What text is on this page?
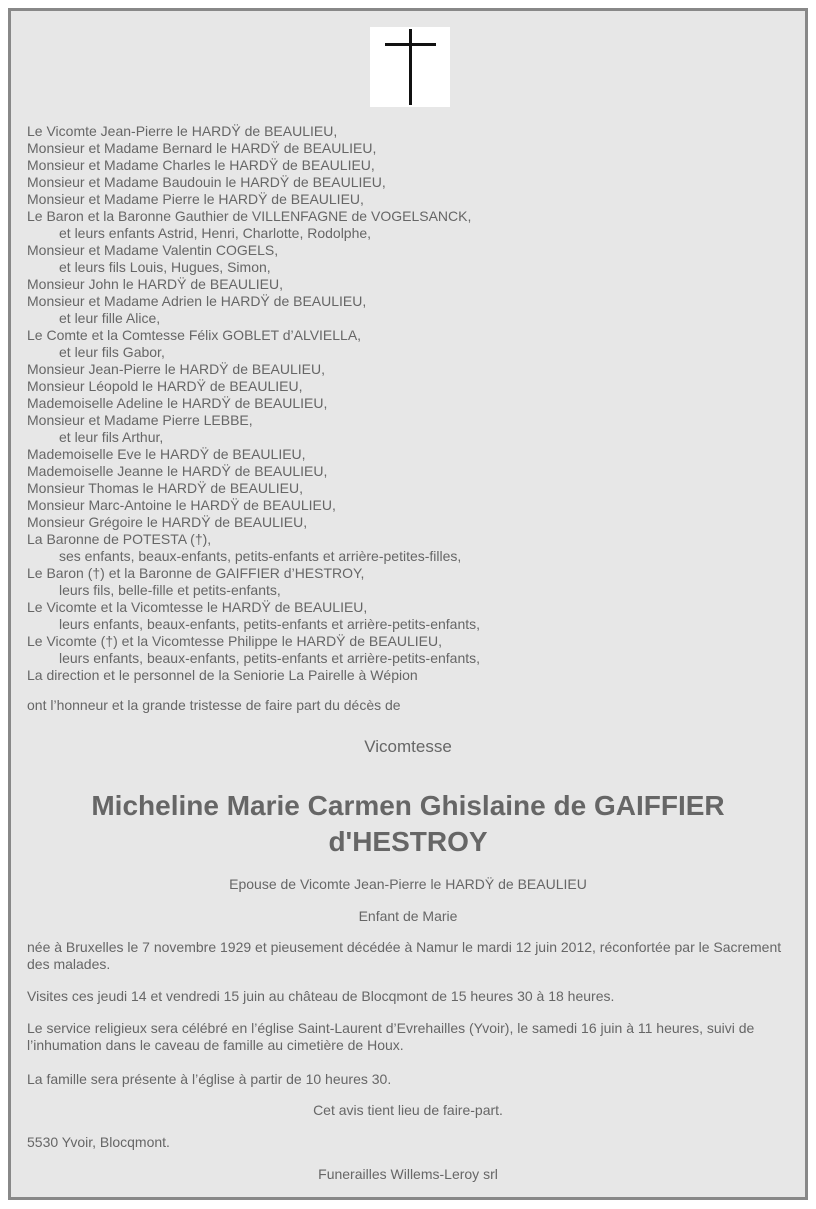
Le Vicomte Jean-Pierre le HARDŸ de BEAULIEU,
Monsieur et Madame Bernard le HARDŸ de BEAULIEU,
Monsieur et Madame Charles le HARDŸ de BEAULIEU,
Monsieur et Madame Baudouin le HARDŸ de BEAULIEU,
Monsieur et Madame Pierre le HARDŸ de BEAULIEU,
Le Baron et la Baronne Gauthier de VILLENFAGNE de VOGELSANCK,
et leurs enfants Astrid, Henri, Charlotte, Rodolphe,
Monsieur et Madame Valentin COGELS,
et leurs fils Louis, Hugues, Simon,
Monsieur John le HARDŸ de BEAULIEU,
Monsieur et Madame Adrien le HARDŸ de BEAULIEU,
et leur fille Alice,
Le Comte et la Comtesse Félix GOBLET d’ALVIELLA,
et leur fils Gabor,
Monsieur Jean-Pierre le HARDŸ de BEAULIEU,
Monsieur Léopold le HARDŸ de BEAULIEU,
Mademoiselle Adeline le HARDŸ de BEAULIEU,
Monsieur et Madame Pierre LEBBE,
et leur fils Arthur,
Mademoiselle Eve le HARDŸ de BEAULIEU,
Mademoiselle Jeanne le HARDŸ de BEAULIEU,
Monsieur Thomas le HARDŸ de BEAULIEU,
Monsieur Marc-Antoine le HARDŸ de BEAULIEU,
Monsieur Grégoire le HARDŸ de BEAULIEU,
La Baronne de POTESTA (†),
ses enfants, beaux-enfants, petits-enfants et arrière-petites-filles,
Le Baron (†) et la Baronne de GAIFFIER d’HESTROY,
leurs fils, belle-fille et petits-enfants,
Le Vicomte et la Vicomtesse le HARDŸ de BEAULIEU,
leurs enfants, beaux-enfants, petits-enfants et arrière-petits-enfants,
Le Vicomte (†) et la Vicomtesse Philippe le HARDŸ de BEAULIEU,
leurs enfants, beaux-enfants, petits-enfants et arrière-petits-enfants,
La direction et le personnel de la Seniorie La Pairelle à Wépion

ont l’honneur et la grande tristesse de faire part du décès de

Vicomtesse
Micheline Marie Carmen Ghislaine de GAIFFIER
d'HESTROY

Epouse de Vicomte Jean-Pierre le HARDŸ de BEAULIEU

Enfant de Marie

née à Bruxelles le 7 novembre 1929 et pieusement décédée à Namur le mardi 12 juin 2012, réconfortée par le Sacrement des malades.

Visites ces jeudi 14 et vendredi 15 juin au château de Blocqmont de 15 heures 30 à 18 heures.

Le service religieux sera célébré en l’église Saint-Laurent d’Evrehailles (Yvoir), le samedi 16 juin à 11 heures, suivi de l’inhumation dans le caveau de famille au cimetière de Houx.

La famille sera présente à l’église à partir de 10 heures 30.

Cet avis tient lieu de faire-part.

5530 Yvoir, Blocqmont.

Funerailles Willems-Leroy srl
